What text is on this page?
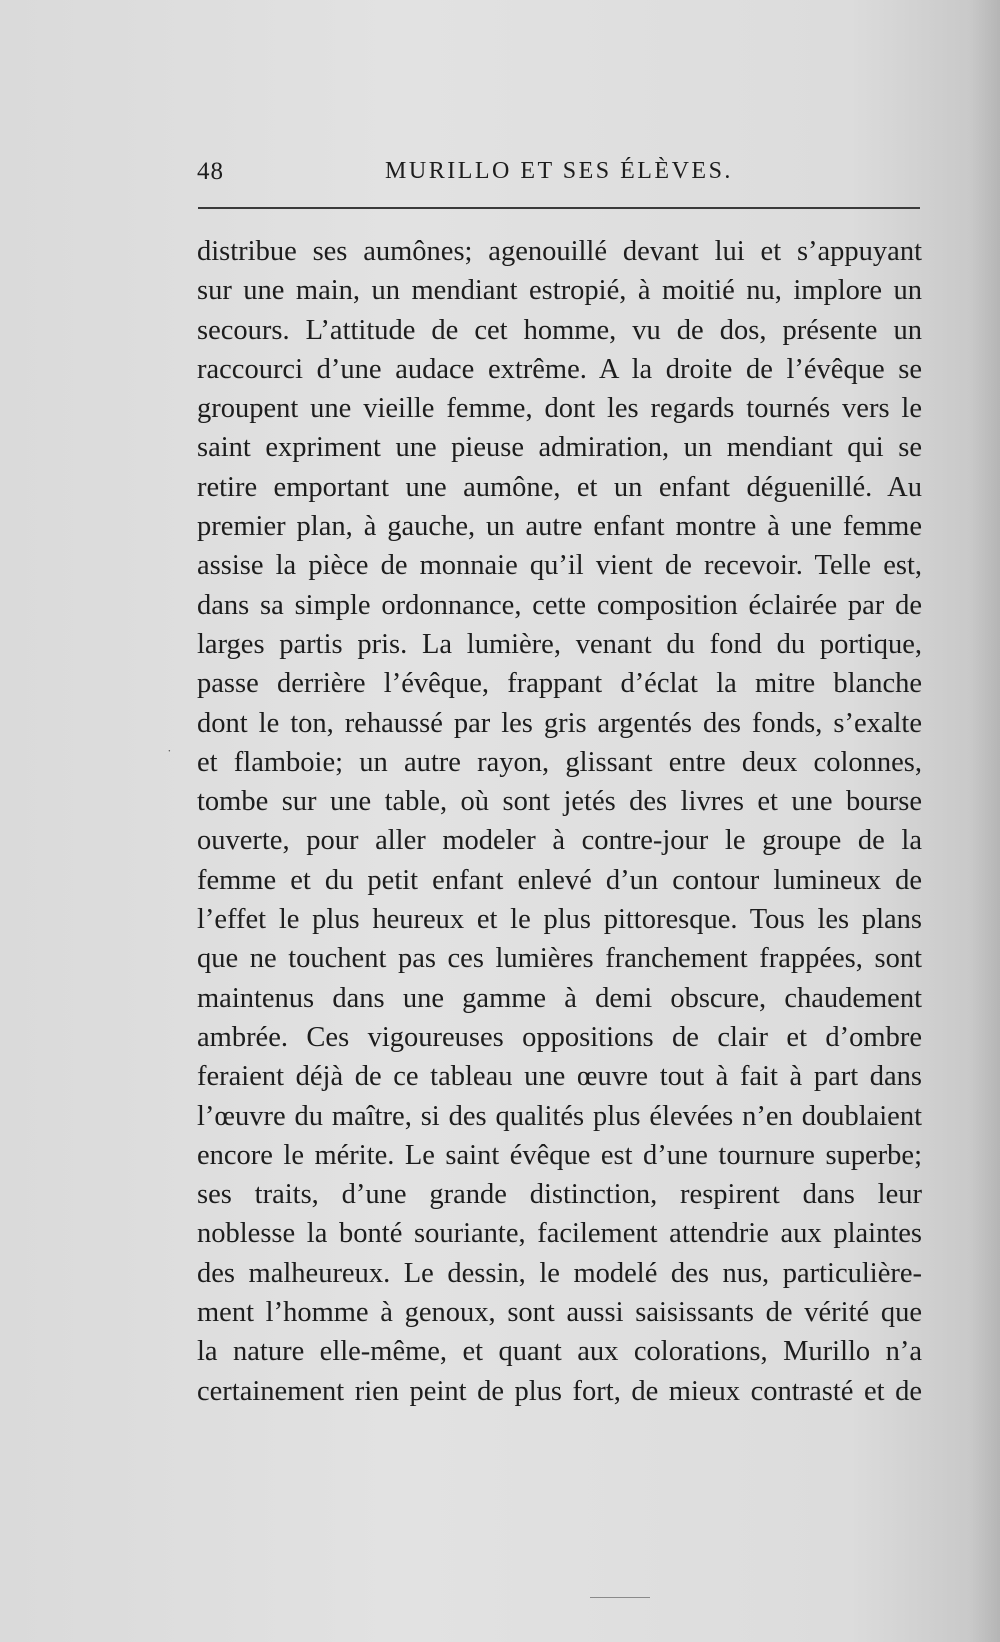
48	MURILLO ET SES ÉLÈVES.
distribue ses aumônes; agenouillé devant lui et s’appuyant
sur une main, un mendiant estropié, à moitié nu, implore un
secours. L’attitude de cet homme, vu de dos, présente un
raccourci d’une audace extrême. A la droite de l’évêque se
groupent une vieille femme, dont les regards tournés vers le
saint expriment une pieuse admiration, un mendiant qui se
retire emportant une aumône, et un enfant déguenillé. Au
premier plan, à gauche, un autre enfant montre à une femme
assise la pièce de monnaie qu’il vient de recevoir. Telle est,
dans sa simple ordonnance, cette composition éclairée par de
larges partis pris. La lumière, venant du fond du portique,
passe derrière l’évêque, frappant d’éclat la mitre blanche
dont le ton, rehaussé par les gris argentés des fonds, s’exalte
et flamboie; un autre rayon, glissant entre deux colonnes,
tombe sur une table, où sont jetés des livres et une bourse
ouverte, pour aller modeler à contre-jour le groupe de la
femme et du petit enfant enlevé d’un contour lumineux de
l’effet le plus heureux et le plus pittoresque. Tous les plans
que ne touchent pas ces lumières franchement frappées, sont
maintenus dans une gamme à demi obscure, chaudement
ambrée. Ces vigoureuses oppositions de clair et d’ombre
feraient déjà de ce tableau une œuvre tout à fait à part dans
l’œuvre du maître, si des qualités plus élevées n’en doublaient
encore le mérite. Le saint évêque est d’une tournure superbe;
ses traits, d’une grande distinction, respirent dans leur
noblesse la bonté souriante, facilement attendrie aux plaintes
des malheureux. Le dessin, le modelé des nus, particulière-
ment l’homme à genoux, sont aussi saisissants de vérité que
la nature elle-même, et quant aux colorations, Murillo n’a
certainement rien peint de plus fort, de mieux contrasté et de
˙
